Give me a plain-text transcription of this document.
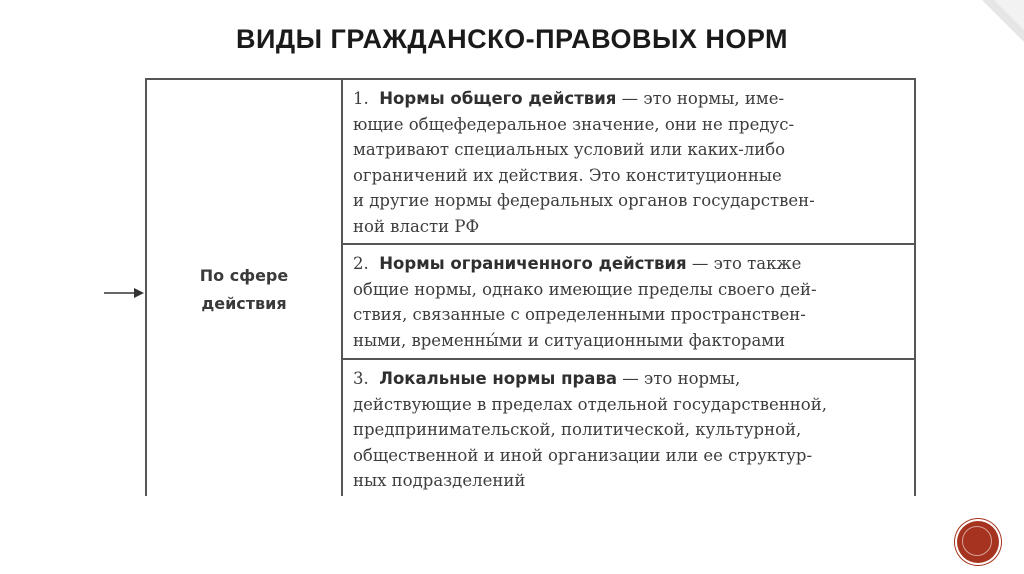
ВИДЫ ГРАЖДАНСКО-ПРАВОВЫХ НОРМ
По сфере
действия
1. Нормы общего действия — это нормы, име-
ющие общефедеральное значение, они не предус-
матривают специальных условий или каких-либо
ограничений их действия. Это конституционные
и другие нормы федеральных органов государствен-
ной власти РФ
2. Нормы ограниченного действия — это также
общие нормы, однако имеющие пределы своего дей-
ствия, связанные с определенными пространствен-
ными, временны́ми и ситуационными факторами
3. Локальные нормы права — это нормы,
действующие в пределах отдельной государственной,
предпринимательской, политической, культурной,
общественной и иной организации или ее структур-
ных подразделений
